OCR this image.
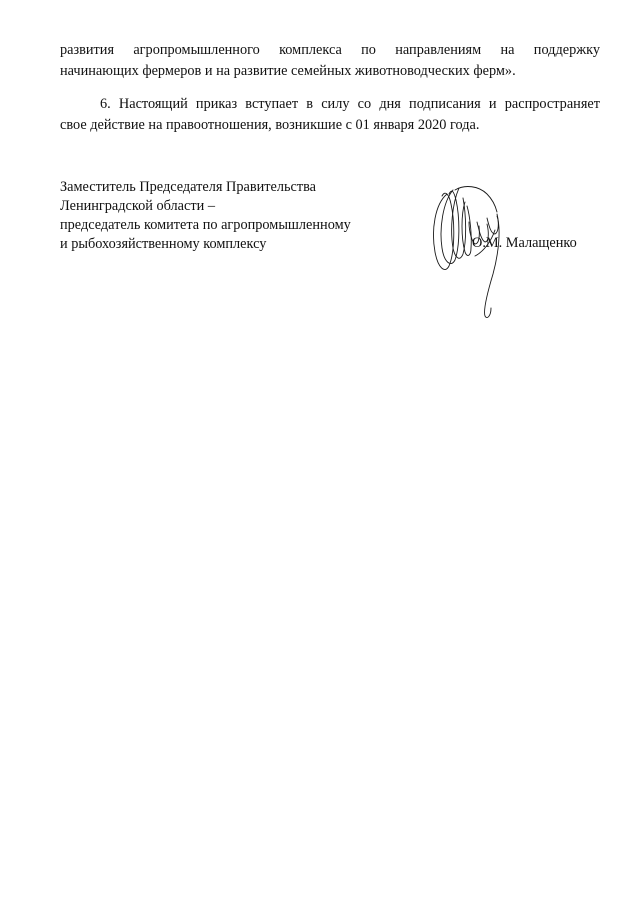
развития агропромышленного комплекса по направлениям на поддержку
начинающих фермеров и на развитие семейных животноводческих ферм».

6. Настоящий приказ вступает в силу со дня подписания и распространяет
свое действие на правоотношения, возникшие с 01 января 2020 года.

Заместитель Председателя Правительства
Ленинградской области –
председатель комитета по агропромышленному
и рыбохозяйственному комплексу	О.М. Малащенко
